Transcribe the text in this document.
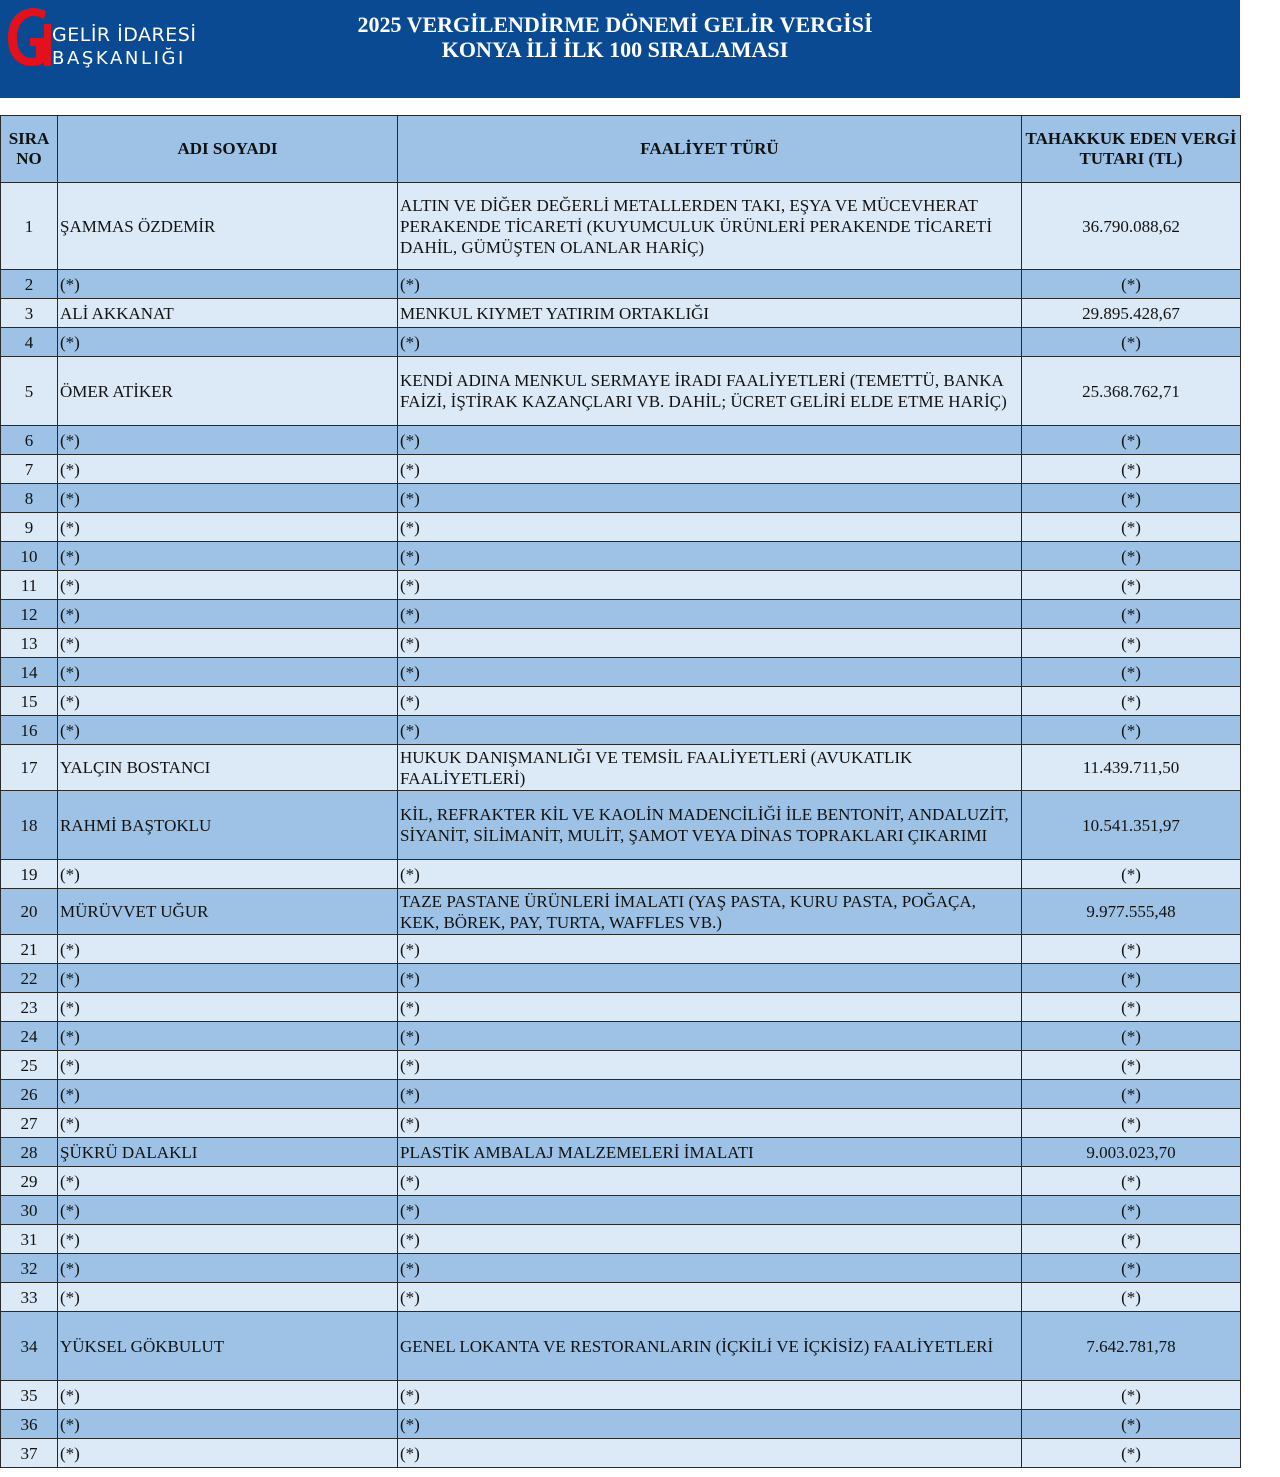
GELİR İDARESİ
BAŞKANLIĞI
2025 VERGİLENDİRME DÖNEMİ GELİR VERGİSİ
KONYA İLİ İLK 100 SIRALAMASI
SIRA NO	ADI SOYADI	FAALİYET TÜRÜ	TAHAKKUK EDEN VERGİ TUTARI (TL)
1	ŞAMMAS ÖZDEMİR	ALTIN VE DİĞER DEĞERLİ METALLERDEN TAKI, EŞYA VE MÜCEVHERAT PERAKENDE TİCARETİ (KUYUMCULUK ÜRÜNLERİ PERAKENDE TİCARETİ DAHİL, GÜMÜŞTEN OLANLAR HARİÇ)	36.790.088,62
2	(*)	(*)	(*)
3	ALİ AKKANAT	MENKUL KIYMET YATIRIM ORTAKLIĞI	29.895.428,67
4	(*)	(*)	(*)
5	ÖMER ATİKER	KENDİ ADINA MENKUL SERMAYE İRADI FAALİYETLERİ (TEMETTÜ, BANKA FAİZİ, İŞTİRAK KAZANÇLARI VB. DAHİL; ÜCRET GELİRİ ELDE ETME HARİÇ)	25.368.762,71
6	(*)	(*)	(*)
7	(*)	(*)	(*)
8	(*)	(*)	(*)
9	(*)	(*)	(*)
10	(*)	(*)	(*)
11	(*)	(*)	(*)
12	(*)	(*)	(*)
13	(*)	(*)	(*)
14	(*)	(*)	(*)
15	(*)	(*)	(*)
16	(*)	(*)	(*)
17	YALÇIN BOSTANCI	HUKUK DANIŞMANLIĞI VE TEMSİL FAALİYETLERİ (AVUKATLIK FAALİYETLERİ)	11.439.711,50
18	RAHMİ BAŞTOKLU	KİL, REFRAKTER KİL VE KAOLİN MADENCİLİĞİ İLE BENTONİT, ANDALUZİT, SİYANİT, SİLİMANİT, MULİT, ŞAMOT VEYA DİNAS TOPRAKLARI ÇIKARIMI	10.541.351,97
19	(*)	(*)	(*)
20	MÜRÜVVET UĞUR	TAZE PASTANE ÜRÜNLERİ İMALATI (YAŞ PASTA, KURU PASTA, POĞAÇA, KEK, BÖREK, PAY, TURTA, WAFFLES VB.)	9.977.555,48
21	(*)	(*)	(*)
22	(*)	(*)	(*)
23	(*)	(*)	(*)
24	(*)	(*)	(*)
25	(*)	(*)	(*)
26	(*)	(*)	(*)
27	(*)	(*)	(*)
28	ŞÜKRÜ DALAKLI	PLASTİK AMBALAJ MALZEMELERİ İMALATI	9.003.023,70
29	(*)	(*)	(*)
30	(*)	(*)	(*)
31	(*)	(*)	(*)
32	(*)	(*)	(*)
33	(*)	(*)	(*)
34	YÜKSEL GÖKBULUT	GENEL LOKANTA VE RESTORANLARIN (İÇKİLİ VE İÇKİSİZ) FAALİYETLERİ	7.642.781,78
35	(*)	(*)	(*)
36	(*)	(*)	(*)
37	(*)	(*)	(*)
